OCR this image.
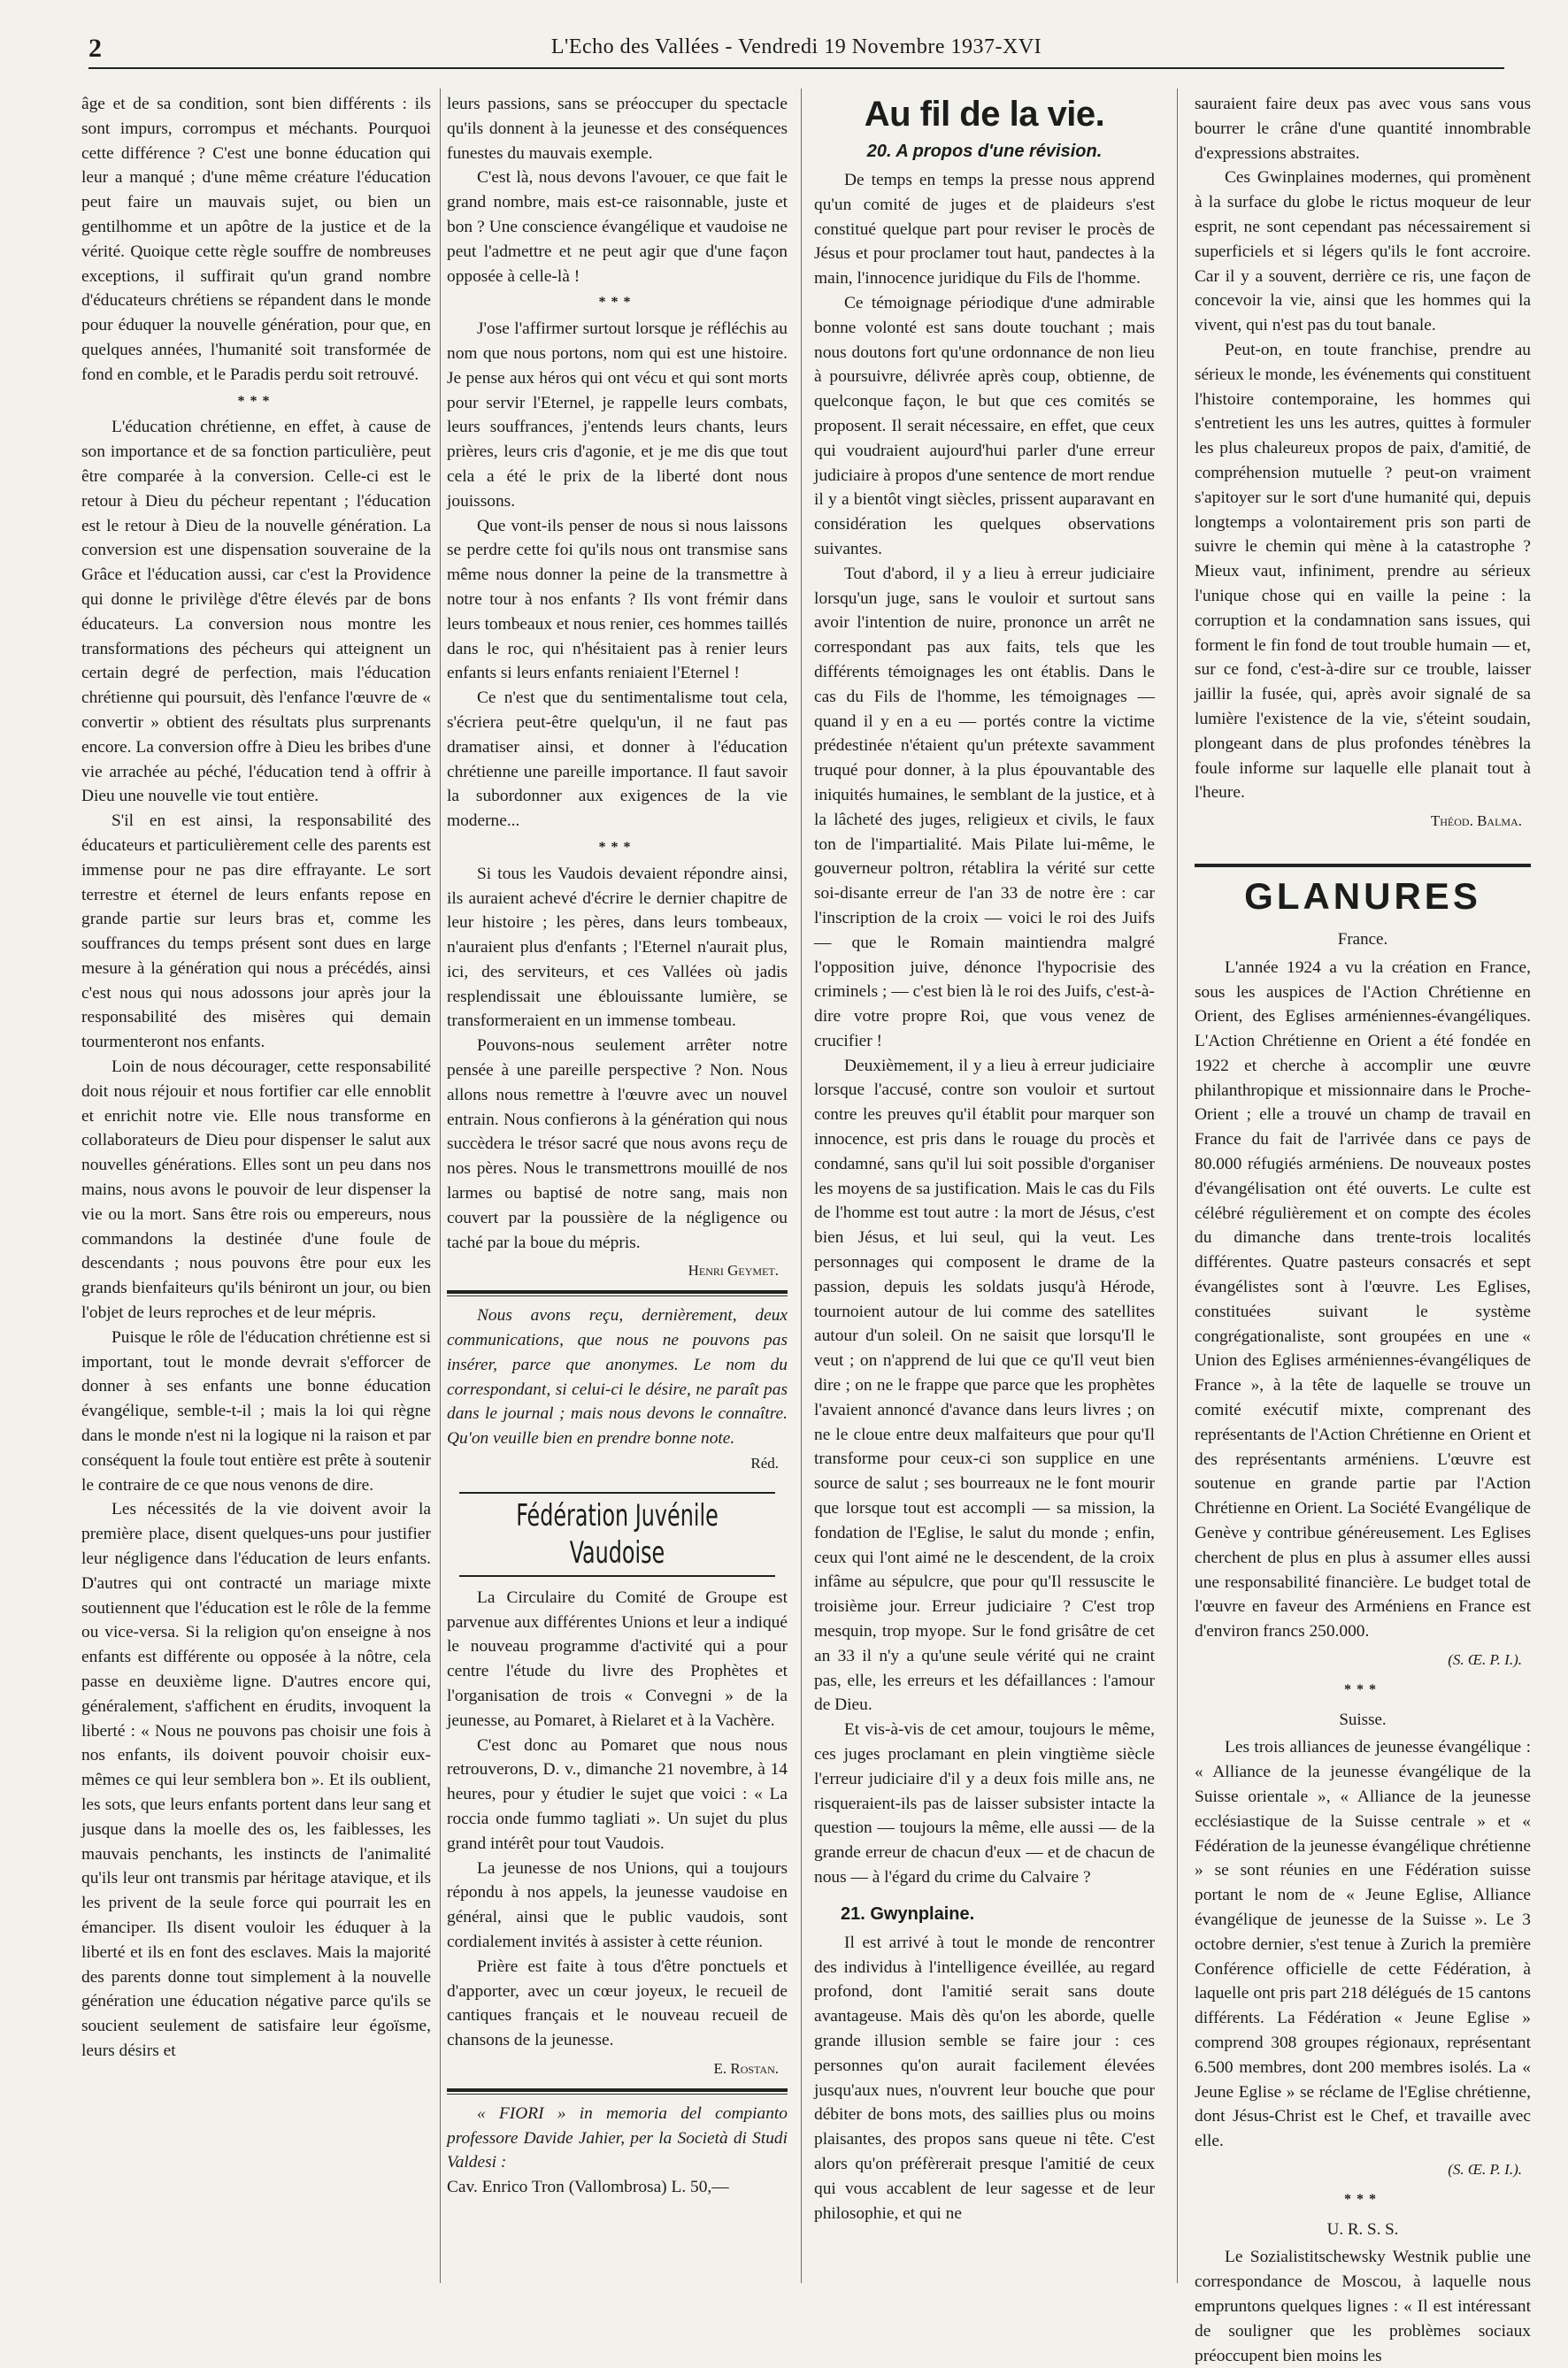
2	L'Echo des Vallées - Vendredi 19 Novembre 1937-XVI

âge et de sa condition, sont bien différents : ils sont impurs, corrompus et méchants. Pourquoi cette différence ? C'est une bonne éducation qui leur a manqué ; d'une même créature l'éducation peut faire un mauvais sujet, ou bien un gentilhomme et un apôtre de la justice et de la vérité. Quoique cette règle souffre de nombreuses exceptions, il suffirait qu'un grand nombre d'éducateurs chrétiens se répandent dans le monde pour éduquer la nouvelle génération, pour que, en quelques années, l'humanité soit transformée de fond en comble, et le Paradis perdu soit retrouvé.

***

L'éducation chrétienne, en effet, à cause de son importance et de sa fonction particulière, peut être comparée à la conversion. Celle-ci est le retour à Dieu du pécheur repentant ; l'éducation est le retour à Dieu de la nouvelle génération. La conversion est une dispensation souveraine de la Grâce et l'éducation aussi, car c'est la Providence qui donne le privilège d'être élevés par de bons éducateurs. La conversion nous montre les transformations des pécheurs qui atteignent un certain degré de perfection, mais l'éducation chrétienne qui poursuit, dès l'enfance l'œuvre de « convertir » obtient des résultats plus surprenants encore. La conversion offre à Dieu les bribes d'une vie arrachée au péché, l'éducation tend à offrir à Dieu une nouvelle vie tout entière.

S'il en est ainsi, la responsabilité des éducateurs et particulièrement celle des parents est immense pour ne pas dire effrayante. Le sort terrestre et éternel de leurs enfants repose en grande partie sur leurs bras et, comme les souffrances du temps présent sont dues en large mesure à la génération qui nous a précédés, ainsi c'est nous qui nous adossons jour après jour la responsabilité des misères qui demain tourmenteront nos enfants.

Loin de nous décourager, cette responsabilité doit nous réjouir et nous fortifier car elle ennoblit et enrichit notre vie. Elle nous transforme en collaborateurs de Dieu pour dispenser le salut aux nouvelles générations. Elles sont un peu dans nos mains, nous avons le pouvoir de leur dispenser la vie ou la mort. Sans être rois ou empereurs, nous commandons la destinée d'une foule de descendants ; nous pouvons être pour eux les grands bienfaiteurs qu'ils béniront un jour, ou bien l'objet de leurs reproches et de leur mépris.

Puisque le rôle de l'éducation chrétienne est si important, tout le monde devrait s'efforcer de donner à ses enfants une bonne éducation évangélique, semble-t-il ; mais la loi qui règne dans le monde n'est ni la logique ni la raison et par conséquent la foule tout entière est prête à soutenir le contraire de ce que nous venons de dire.

Les nécessités de la vie doivent avoir la première place, disent quelques-uns pour justifier leur négligence dans l'éducation de leurs enfants. D'autres qui ont contracté un mariage mixte soutiennent que l'éducation est le rôle de la femme ou vice-versa. Si la religion qu'on enseigne à nos enfants est différente ou opposée à la nôtre, cela passe en deuxième ligne. D'autres encore qui, généralement, s'affichent en érudits, invoquent la liberté : « Nous ne pouvons pas choisir une fois à nos enfants, ils doivent pouvoir choisir eux-mêmes ce qui leur semblera bon ». Et ils oublient, les sots, que leurs enfants portent dans leur sang et jusque dans la moelle des os, les faiblesses, les mauvais penchants, les instincts de l'animalité qu'ils leur ont transmis par héritage atavique, et ils les privent de la seule force qui pourrait les en émanciper. Ils disent vouloir les éduquer à la liberté et ils en font des esclaves. Mais la majorité des parents donne tout simplement à la nouvelle génération une éducation négative parce qu'ils se soucient seulement de satisfaire leur égoïsme, leurs désirs et

leurs passions, sans se préoccuper du spectacle qu'ils donnent à la jeunesse et des conséquences funestes du mauvais exemple.

C'est là, nous devons l'avouer, ce que fait le grand nombre, mais est-ce raisonnable, juste et bon ? Une conscience évangélique et vaudoise ne peut l'admettre et ne peut agir que d'une façon opposée à celle-là !

***

J'ose l'affirmer surtout lorsque je réfléchis au nom que nous portons, nom qui est une histoire. Je pense aux héros qui ont vécu et qui sont morts pour servir l'Eternel, je rappelle leurs combats, leurs souffrances, j'entends leurs chants, leurs prières, leurs cris d'agonie, et je me dis que tout cela a été le prix de la liberté dont nous jouissons.

Que vont-ils penser de nous si nous laissons se perdre cette foi qu'ils nous ont transmise sans même nous donner la peine de la transmettre à notre tour à nos enfants ? Ils vont frémir dans leurs tombeaux et nous renier, ces hommes taillés dans le roc, qui n'hésitaient pas à renier leurs enfants si leurs enfants reniaient l'Eternel !

Ce n'est que du sentimentalisme tout cela, s'écriera peut-être quelqu'un, il ne faut pas dramatiser ainsi, et donner à l'éducation chrétienne une pareille importance. Il faut savoir la subordonner aux exigences de la vie moderne...

***

Si tous les Vaudois devaient répondre ainsi, ils auraient achevé d'écrire le dernier chapitre de leur histoire ; les pères, dans leurs tombeaux, n'auraient plus d'enfants ; l'Eternel n'aurait plus, ici, des serviteurs, et ces Vallées où jadis resplendissait une éblouissante lumière, se transformeraient en un immense tombeau.

Pouvons-nous seulement arrêter notre pensée à une pareille perspective ? Non. Nous allons nous remettre à l'œuvre avec un nouvel entrain. Nous confierons à la génération qui nous succèdera le trésor sacré que nous avons reçu de nos pères. Nous le transmettrons mouillé de nos larmes ou baptisé de notre sang, mais non couvert par la poussière de la négligence ou taché par la boue du mépris.

Henri Geymet.

Nous avons reçu, dernièrement, deux communications, que nous ne pouvons pas insérer, parce que anonymes. Le nom du correspondant, si celui-ci le désire, ne paraît pas dans le journal ; mais nous devons le connaître. Qu'on veuille bien en prendre bonne note.

Réd.
Fédération Juvénile Vaudoise

La Circulaire du Comité de Groupe est parvenue aux différentes Unions et leur a indiqué le nouveau programme d'activité qui a pour centre l'étude du livre des Prophètes et l'organisation de trois « Convegni » de la jeunesse, au Pomaret, à Rielaret et à la Vachère.

C'est donc au Pomaret que nous nous retrouverons, D. v., dimanche 21 novembre, à 14 heures, pour y étudier le sujet que voici : « La roccia onde fummo tagliati ». Un sujet du plus grand intérêt pour tout Vaudois.

La jeunesse de nos Unions, qui a toujours répondu à nos appels, la jeunesse vaudoise en général, ainsi que le public vaudois, sont cordialement invités à assister à cette réunion.

Prière est faite à tous d'être ponctuels et d'apporter, avec un cœur joyeux, le recueil de cantiques français et le nouveau recueil de chansons de la jeunesse.

E. Rostan.

« FIORI » in memoria del compianto professore Davide Jahier, per la Società di Studi Valdesi :

Cav. Enrico Tron (Vallombrosa) L. 50,—

Au fil de la vie.
20. A propos d'une révision.

De temps en temps la presse nous apprend qu'un comité de juges et de plaideurs s'est constitué quelque part pour reviser le procès de Jésus et pour proclamer tout haut, pandectes à la main, l'innocence juridique du Fils de l'homme.

Ce témoignage périodique d'une admirable bonne volonté est sans doute touchant ; mais nous doutons fort qu'une ordonnance de non lieu à poursuivre, délivrée après coup, obtienne, de quelconque façon, le but que ces comités se proposent. Il serait nécessaire, en effet, que ceux qui voudraient aujourd'hui parler d'une erreur judiciaire à propos d'une sentence de mort rendue il y a bientôt vingt siècles, prissent auparavant en considération les quelques observations suivantes.

Tout d'abord, il y a lieu à erreur judiciaire lorsqu'un juge, sans le vouloir et surtout sans avoir l'intention de nuire, prononce un arrêt ne correspondant pas aux faits, tels que les différents témoignages les ont établis. Dans le cas du Fils de l'homme, les témoignages — quand il y en a eu — portés contre la victime prédestinée n'étaient qu'un prétexte savamment truqué pour donner, à la plus épouvantable des iniquités humaines, le semblant de la justice, et à la lâcheté des juges, religieux et civils, le faux ton de l'impartialité. Mais Pilate lui-même, le gouverneur poltron, rétablira la vérité sur cette soi-disante erreur de l'an 33 de notre ère : car l'inscription de la croix — voici le roi des Juifs — que le Romain maintiendra malgré l'opposition juive, dénonce l'hypocrisie des criminels ; — c'est bien là le roi des Juifs, c'est-à-dire votre propre Roi, que vous venez de crucifier !

Deuxièmement, il y a lieu à erreur judiciaire lorsque l'accusé, contre son vouloir et surtout contre les preuves qu'il établit pour marquer son innocence, est pris dans le rouage du procès et condamné, sans qu'il lui soit possible d'organiser les moyens de sa justification. Mais le cas du Fils de l'homme est tout autre : la mort de Jésus, c'est bien Jésus, et lui seul, qui la veut. Les personnages qui composent le drame de la passion, depuis les soldats jusqu'à Hérode, tournoient autour de lui comme des satellites autour d'un soleil. On ne saisit que lorsqu'Il le veut ; on n'apprend de lui que ce qu'Il veut bien dire ; on ne le frappe que parce que les prophètes l'avaient annoncé d'avance dans leurs livres ; on ne le cloue entre deux malfaiteurs que pour qu'Il transforme pour ceux-ci son supplice en une source de salut ; ses bourreaux ne le font mourir que lorsque tout est accompli — sa mission, la fondation de l'Eglise, le salut du monde ; enfin, ceux qui l'ont aimé ne le descendent, de la croix infâme au sépulcre, que pour qu'Il ressuscite le troisième jour. Erreur judiciaire ? C'est trop mesquin, trop myope. Sur le fond grisâtre de cet an 33 il n'y a qu'une seule vérité qui ne craint pas, elle, les erreurs et les défaillances : l'amour de Dieu.

Et vis-à-vis de cet amour, toujours le même, ces juges proclamant en plein vingtième siècle l'erreur judiciaire d'il y a deux fois mille ans, ne risqueraient-ils pas de laisser subsister intacte la question — toujours la même, elle aussi — de la grande erreur de chacun d'eux — et de chacun de nous — à l'égard du crime du Calvaire ?

21. Gwynplaine.

Il est arrivé à tout le monde de rencontrer des individus à l'intelligence éveillée, au regard profond, dont l'amitié serait sans doute avantageuse. Mais dès qu'on les aborde, quelle grande illusion semble se faire jour : ces personnes qu'on aurait facilement élevées jusqu'aux nues, n'ouvrent leur bouche que pour débiter de bons mots, des saillies plus ou moins plaisantes, des propos sans queue ni tête. C'est alors qu'on préfèrerait presque l'amitié de ceux qui vous accablent de leur sagesse et de leur philosophie, et qui ne

sauraient faire deux pas avec vous sans vous bourrer le crâne d'une quantité innombrable d'expressions abstraites.

Ces Gwinplaines modernes, qui promènent à la surface du globe le rictus moqueur de leur esprit, ne sont cependant pas nécessairement si superficiels et si légers qu'ils le font accroire. Car il y a souvent, derrière ce ris, une façon de concevoir la vie, ainsi que les hommes qui la vivent, qui n'est pas du tout banale.

Peut-on, en toute franchise, prendre au sérieux le monde, les événements qui constituent l'histoire contemporaine, les hommes qui s'entretient les uns les autres, quittes à formuler les plus chaleureux propos de paix, d'amitié, de compréhension mutuelle ? peut-on vraiment s'apitoyer sur le sort d'une humanité qui, depuis longtemps a volontairement pris son parti de suivre le chemin qui mène à la catastrophe ? Mieux vaut, infiniment, prendre au sérieux l'unique chose qui en vaille la peine : la corruption et la condamnation sans issues, qui forment le fin fond de tout trouble humain — et, sur ce fond, c'est-à-dire sur ce trouble, laisser jaillir la fusée, qui, après avoir signalé de sa lumière l'existence de la vie, s'éteint soudain, plongeant dans de plus profondes ténèbres la foule informe sur laquelle elle planait tout à l'heure.

Théod. Balma.
GLANURES
France.

L'année 1924 a vu la création en France, sous les auspices de l'Action Chrétienne en Orient, des Eglises arméniennes-évangéliques. L'Action Chrétienne en Orient a été fondée en 1922 et cherche à accomplir une œuvre philanthropique et missionnaire dans le Proche-Orient ; elle a trouvé un champ de travail en France du fait de l'arrivée dans ce pays de 80.000 réfugiés arméniens. De nouveaux postes d'évangélisation ont été ouverts. Le culte est célébré régulièrement et on compte des écoles du dimanche dans trente-trois localités différentes. Quatre pasteurs consacrés et sept évangélistes sont à l'œuvre. Les Eglises, constituées suivant le système congrégationaliste, sont groupées en une « Union des Eglises arméniennes-évangéliques de France », à la tête de laquelle se trouve un comité exécutif mixte, comprenant des représentants de l'Action Chrétienne en Orient et des représentants arméniens. L'œuvre est soutenue en grande partie par l'Action Chrétienne en Orient. La Société Evangélique de Genève y contribue généreusement. Les Eglises cherchent de plus en plus à assumer elles aussi une responsabilité financière. Le budget total de l'œuvre en faveur des Arméniens en France est d'environ francs 250.000.

(S. Œ. P. I.).
***
Suisse.

Les trois alliances de jeunesse évangélique : « Alliance de la jeunesse évangélique de la Suisse orientale », « Alliance de la jeunesse ecclésiastique de la Suisse centrale » et « Fédération de la jeunesse évangélique chrétienne » se sont réunies en une Fédération suisse portant le nom de « Jeune Eglise, Alliance évangélique de jeunesse de la Suisse ». Le 3 octobre dernier, s'est tenue à Zurich la première Conférence officielle de cette Fédération, à laquelle ont pris part 218 délégués de 15 cantons différents. La Fédération « Jeune Eglise » comprend 308 groupes régionaux, représentant 6.500 membres, dont 200 membres isolés. La « Jeune Eglise » se réclame de l'Eglise chrétienne, dont Jésus-Christ est le Chef, et travaille avec elle.

(S. Œ. P. I.).
***
U. R. S. S.

Le Sozialistitschewsky Westnik publie une correspondance de Moscou, à laquelle nous empruntons quelques lignes : « Il est intéressant de souligner que les problèmes sociaux préoccupent bien moins les
